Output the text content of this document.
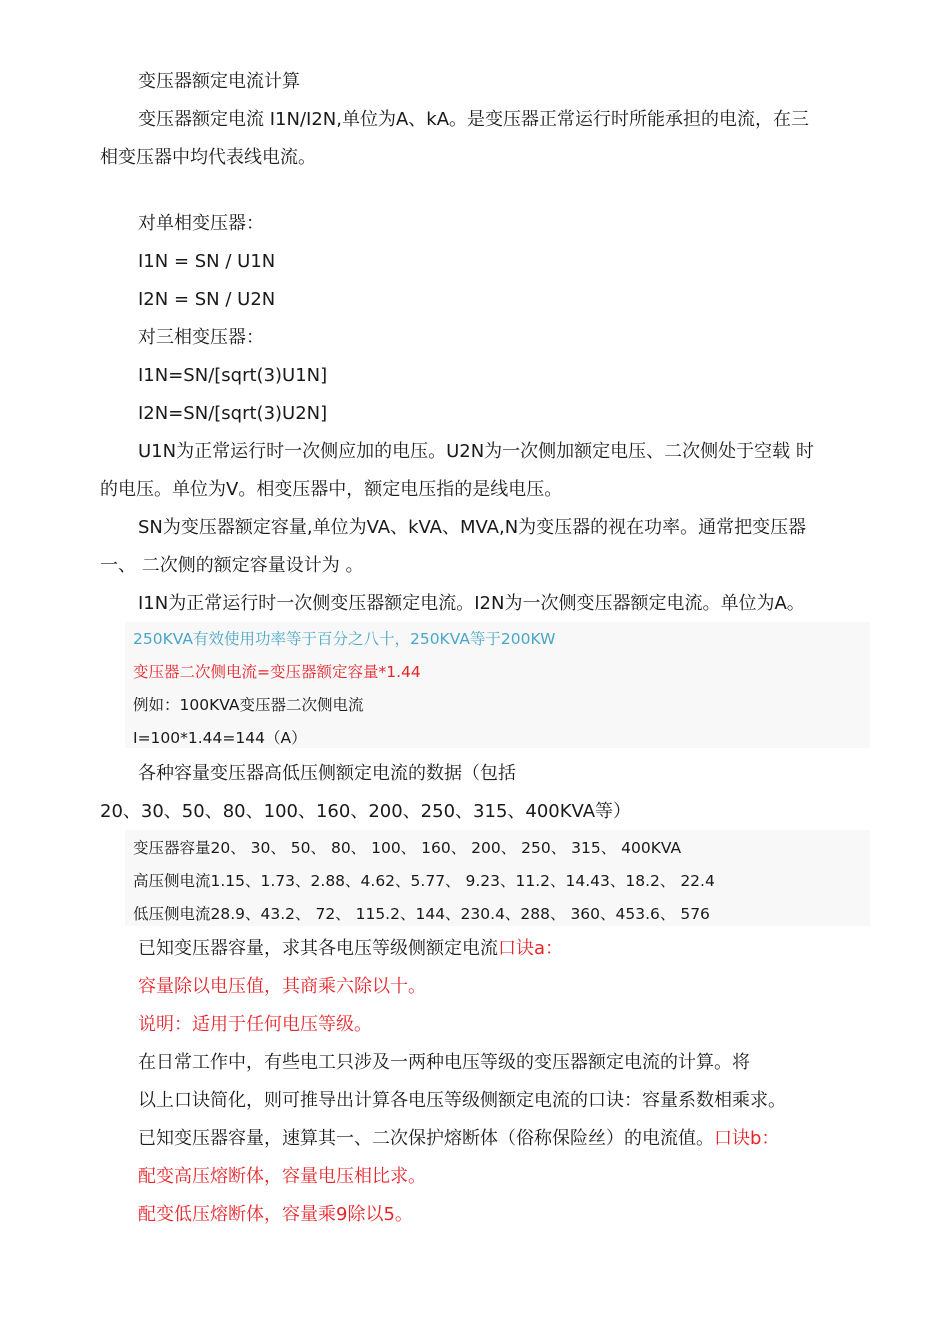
变压器额定电流计算
变压器额定电流 I1N/I2N,单位为A、kA。是变压器正常运行时所能承担的电流，在三
相变压器中均代表线电流。
对单相变压器：
I1N = SN / U1N
I2N = SN / U2N
对三相变压器：
I1N=SN/[sqrt(3)U1N]
I2N=SN/[sqrt(3)U2N]
U1N为正常运行时一次侧应加的电压。U2N为一次侧加额定电压、二次侧处于空载 时
的电压。单位为V。相变压器中，额定电压指的是线电压。
SN为变压器额定容量,单位为VA、kVA、MVA,N为变压器的视在功率。通常把变压器
一、 二次侧的额定容量设计为 。
I1N为正常运行时一次侧变压器额定电流。I2N为一次侧变压器额定电流。单位为A。
250KVA有效使用功率等于百分之八十，250KVA等于200KW
变压器二次侧电流=变压器额定容量*1.44
例如：100KVA变压器二次侧电流
I=100*1.44=144（A）
各种容量变压器高低压侧额定电流的数据（包括
20、30、50、80、100、160、200、250、315、400KVA等）
变压器容量20、 30、 50、 80、 100、 160、 200、 250、 315、 400KVA
高压侧电流1.15、1.73、2.88、4.62、5.77、 9.23、11.2、14.43、18.2、 22.4
低压侧电流28.9、43.2、 72、 115.2、144、230.4、288、 360、453.6、 576
已知变压器容量，求其各电压等级侧额定电流口诀a：
容量除以电压值，其商乘六除以十。
说明：适用于任何电压等级。
在日常工作中，有些电工只涉及一两种电压等级的变压器额定电流的计算。将
以上口诀简化，则可推导出计算各电压等级侧额定电流的口诀：容量系数相乘求。
已知变压器容量，速算其一、二次保护熔断体（俗称保险丝）的电流值。口诀b：
配变高压熔断体，容量电压相比求。
配变低压熔断体，容量乘9除以5。
